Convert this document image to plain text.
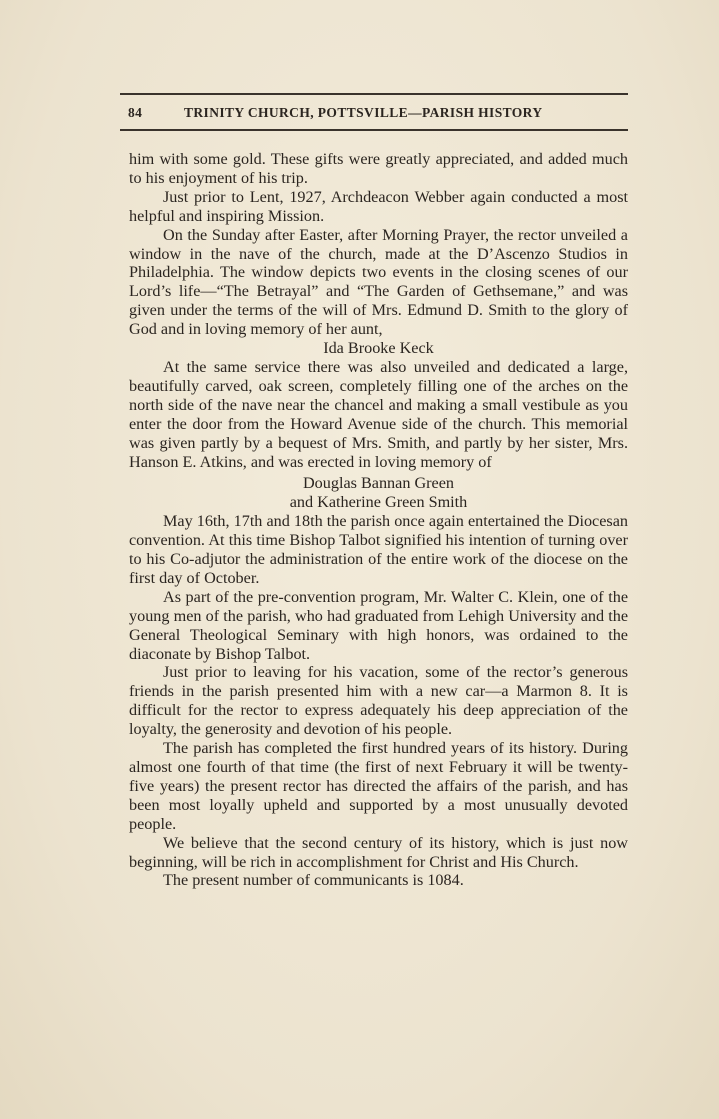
84	TRINITY CHURCH, POTTSVILLE—PARISH HISTORY

him with some gold. These gifts were greatly appreciated, and added much to his enjoyment of his trip.

Just prior to Lent, 1927, Archdeacon Webber again conducted a most helpful and inspiring Mission.

On the Sunday after Easter, after Morning Prayer, the rector unveiled a window in the nave of the church, made at the D’Ascenzo Studios in Philadelphia. The window depicts two events in the closing scenes of our Lord’s life—“The Betrayal” and “The Garden of Gethsemane,” and was given under the terms of the will of Mrs. Edmund D. Smith to the glory of God and in loving memory of her aunt,

Ida Brooke Keck

At the same service there was also unveiled and dedicated a large, beautifully carved, oak screen, completely filling one of the arches on the north side of the nave near the chancel and making a small vestibule as you enter the door from the Howard Avenue side of the church. This memorial was given partly by a bequest of Mrs. Smith, and partly by her sister, Mrs. Hanson E. Atkins, and was erected in loving memory of

Douglas Bannan Green

and Katherine Green Smith

May 16th, 17th and 18th the parish once again entertained the Diocesan convention. At this time Bishop Talbot signified his intention of turning over to his Co-adjutor the administration of the entire work of the diocese on the first day of October.

As part of the pre-convention program, Mr. Walter C. Klein, one of the young men of the parish, who had graduated from Lehigh University and the General Theological Seminary with high honors, was ordained to the diaconate by Bishop Talbot.

Just prior to leaving for his vacation, some of the rector’s generous friends in the parish presented him with a new car—a Marmon 8. It is difficult for the rector to express adequately his deep appreciation of the loyalty, the generosity and devotion of his people.

The parish has completed the first hundred years of its history. During almost one fourth of that time (the first of next February it will be twenty-five years) the present rector has directed the affairs of the parish, and has been most loyally upheld and supported by a most unusually devoted people.

We believe that the second century of its history, which is just now beginning, will be rich in accomplishment for Christ and His Church.

The present number of communicants is 1084.
